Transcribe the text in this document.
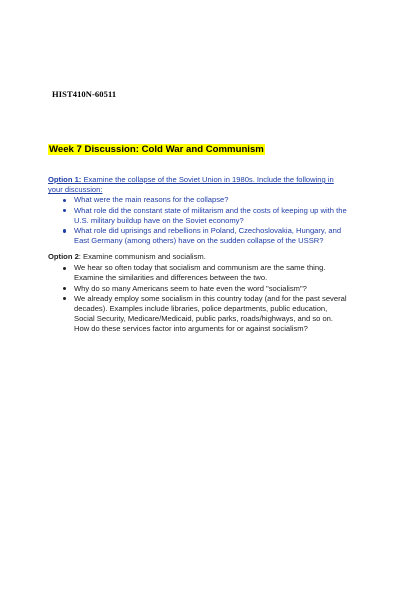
HIST410N-60511
Week 7 Discussion: Cold War and Communism
Option 1: Examine the collapse of the Soviet Union in 1980s. Include the following in your discussion:
What were the main reasons for the collapse?
What role did the constant state of militarism and the costs of keeping up with the U.S. military buildup have on the Soviet economy?
What role did uprisings and rebellions in Poland, Czechoslovakia, Hungary, and East Germany (among others) have on the sudden collapse of the USSR?
Option 2: Examine communism and socialism.
We hear so often today that socialism and communism are the same thing. Examine the similarities and differences between the two.
Why do so many Americans seem to hate even the word "socialism"?
We already employ some socialism in this country today (and for the past several decades). Examples include libraries, police departments, public education, Social Security, Medicare/Medicaid, public parks, roads/highways, and so on. How do these services factor into arguments for or against socialism?
